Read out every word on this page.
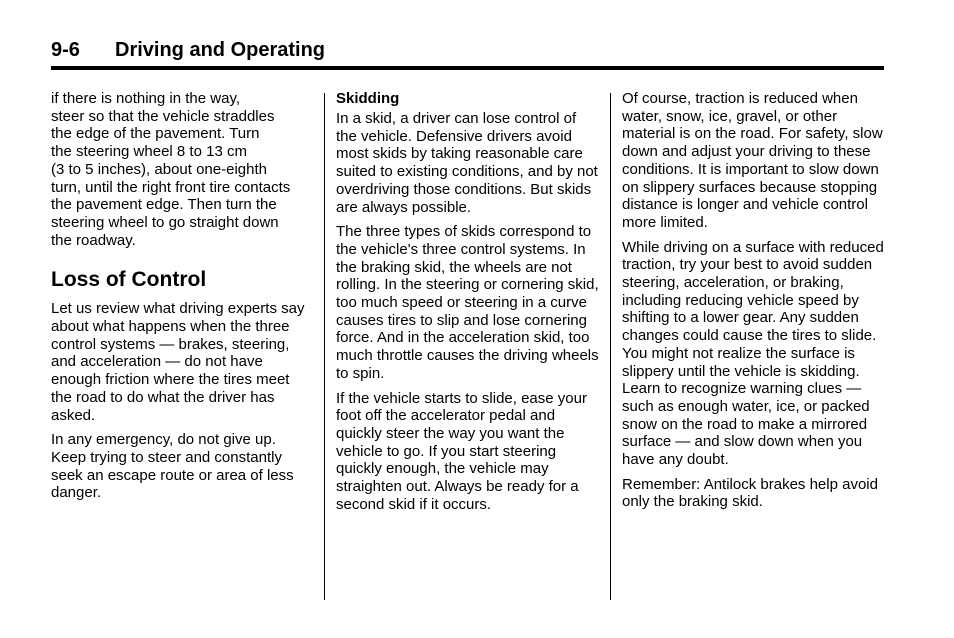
9-6 Driving and Operating

if there is nothing in the way,
steer so that the vehicle straddles
the edge of the pavement. Turn
the steering wheel 8 to 13 cm
(3 to 5 inches), about one-eighth
turn, until the right front tire contacts
the pavement edge. Then turn the
steering wheel to go straight down
the roadway.

Loss of Control

Let us review what driving experts say about what happens when the three control systems — brakes, steering, and acceleration — do not have enough friction where the tires meet the road to do what the driver has asked.

In any emergency, do not give up. Keep trying to steer and constantly seek an escape route or area of less danger.

Skidding

In a skid, a driver can lose control of the vehicle. Defensive drivers avoid most skids by taking reasonable care suited to existing conditions, and by not overdriving those conditions. But skids are always possible.

The three types of skids correspond to the vehicle's three control systems. In the braking skid, the wheels are not rolling. In the steering or cornering skid, too much speed or steering in a curve causes tires to slip and lose cornering force. And in the acceleration skid, too much throttle causes the driving wheels to spin.

If the vehicle starts to slide, ease your foot off the accelerator pedal and quickly steer the way you want the vehicle to go. If you start steering quickly enough, the vehicle may straighten out. Always be ready for a second skid if it occurs.

Of course, traction is reduced when water, snow, ice, gravel, or other material is on the road. For safety, slow down and adjust your driving to these conditions. It is important to slow down on slippery surfaces because stopping distance is longer and vehicle control more limited.

While driving on a surface with reduced traction, try your best to avoid sudden steering, acceleration, or braking, including reducing vehicle speed by shifting to a lower gear. Any sudden changes could cause the tires to slide. You might not realize the surface is slippery until the vehicle is skidding. Learn to recognize warning clues — such as enough water, ice, or packed snow on the road to make a mirrored surface — and slow down when you have any doubt.

Remember: Antilock brakes help avoid only the braking skid.
